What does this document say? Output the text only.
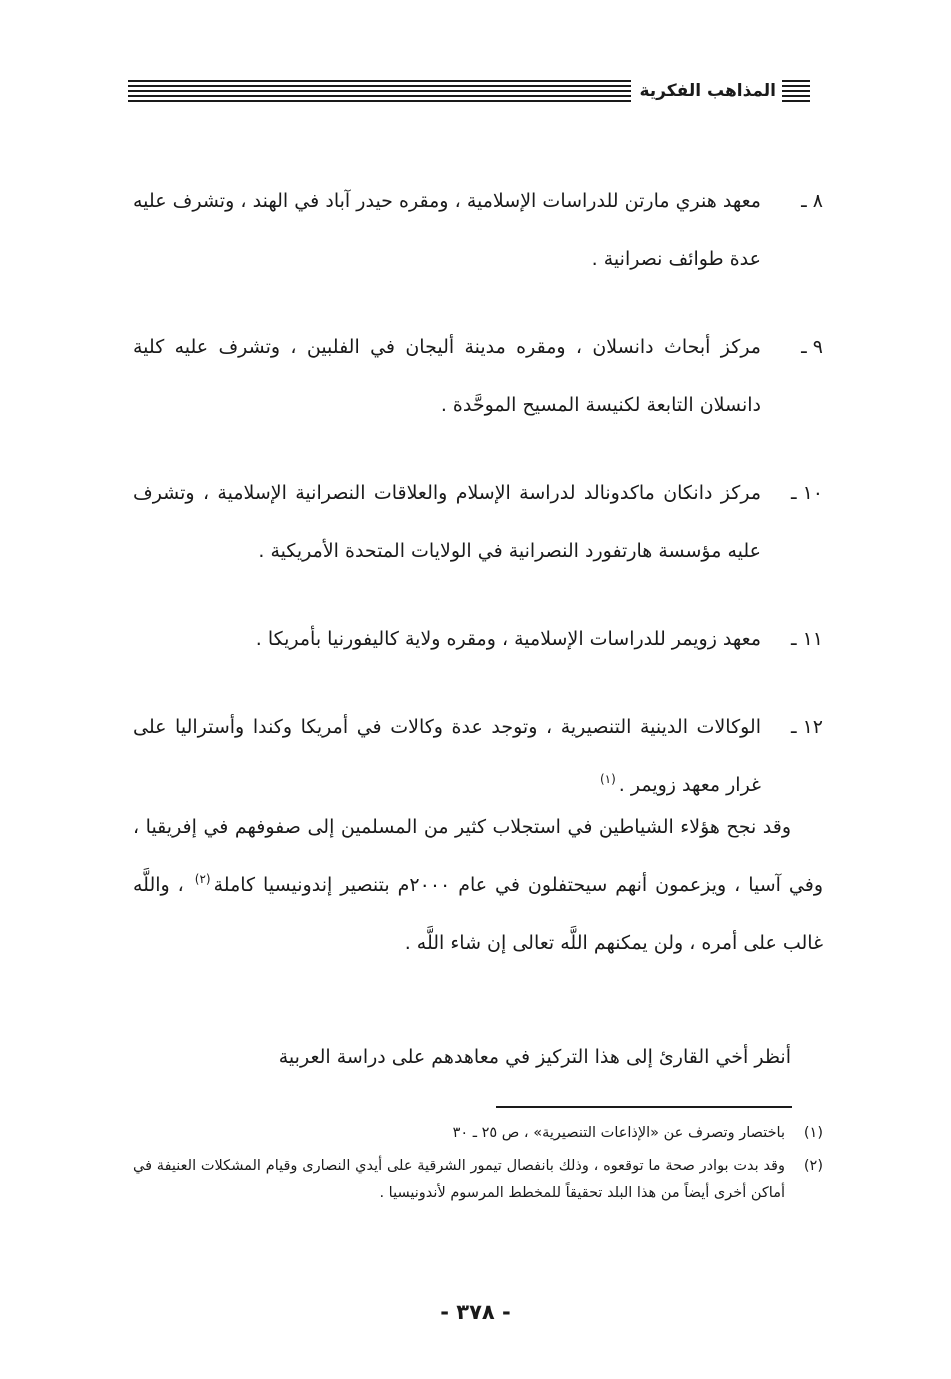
المذاهب الفكرية
٨ ـ
معهد هنري مارتن للدراسات الإسلامية ، ومقره حيدر آباد في الهند ، وتشرف عليه عدة طوائف نصرانية .
٩ ـ
مركز أبحاث دانسلان ، ومقره مدينة أليجان في الفلبين ، وتشرف عليه كلية دانسلان التابعة لكنيسة المسيح الموحَّدة .
١٠ ـ
مركز دانكان ماكدونالد لدراسة الإسلام والعلاقات النصرانية الإسلامية ، وتشرف عليه مؤسسة هارتفورد النصرانية في الولايات المتحدة الأمريكية .
١١ ـ
معهد زويمر للدراسات الإسلامية ، ومقره ولاية كاليفورنيا بأمريكا .
١٢ ـ
الوكالات الدينية التنصيرية ، وتوجد عدة وكالات في أمريكا وكندا وأستراليا على غرار معهد زويمر .$^{(١)}$

وقد نجح هؤلاء الشياطين في استجلاب كثير من المسلمين إلى صفوفهم في إفريقيا ، وفي آسيا ، ويزعمون أنهم سيحتفلون في عام ٢٠٠٠م بتنصير إندونيسيا كاملة$^{(٢)}$ ، واللَّه غالب على أمره ، ولن يمكنهم اللَّه تعالى إن شاء اللَّه .

أنظر أخي القارئ إلى هذا التركيز في معاهدهم على دراسة العربية

(١)
باختصار وتصرف عن «الإذاعات التنصيرية» ، ص ٢٥ ـ ٣٠
(٢)
وقد بدت بوادر صحة ما توقعوه ، وذلك بانفصال تيمور الشرقية على أيدي النصارى وقيام المشكلات العنيفة في أماكن أخرى أيضاً من هذا البلد تحقيقاً للمخطط المرسوم لأندونيسيا .
- ٣٧٨ -
